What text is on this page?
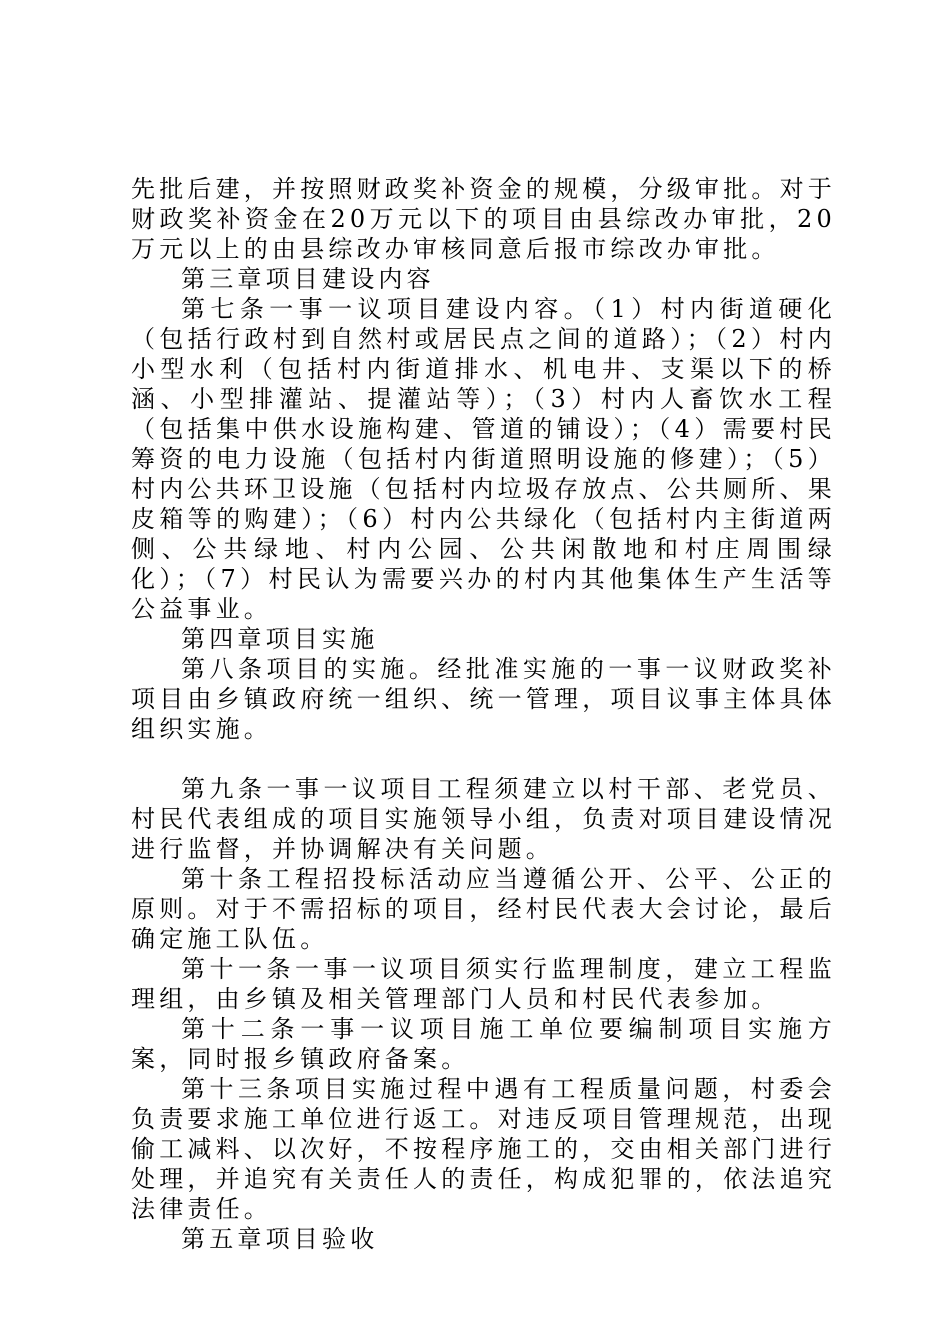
先批后建，并按照财政奖补资金的规模，分级审批。对于财政奖补资金在20万元以下的项目由县综改办审批，20万元以上的由县综改办审核同意后报市综改办审批。

第三章项目建设内容

第七条一事一议项目建设内容。（1）村内街道硬化（包括行政村到自然村或居民点之间的道路）；（2）村内小型水利（包括村内街道排水、机电井、支渠以下的桥涵、小型排灌站、提灌站等）；（3）村内人畜饮水工程（包括集中供水设施构建、管道的铺设）；（4）需要村民筹资的电力设施（包括村内街道照明设施的修建）；（5）村内公共环卫设施（包括村内垃圾存放点、公共厕所、果皮箱等的购建）；（6）村内公共绿化（包括村内主街道两侧、公共绿地、村内公园、公共闲散地和村庄周围绿化）；（7）村民认为需要兴办的村内其他集体生产生活等公益事业。

第四章项目实施

第八条项目的实施。经批准实施的一事一议财政奖补项目由乡镇政府统一组织、统一管理，项目议事主体具体组织实施。

第九条一事一议项目工程须建立以村干部、老党员、村民代表组成的项目实施领导小组，负责对项目建设情况进行监督，并协调解决有关问题。

第十条工程招投标活动应当遵循公开、公平、公正的原则。对于不需招标的项目，经村民代表大会讨论，最后确定施工队伍。

第十一条一事一议项目须实行监理制度，建立工程监理组，由乡镇及相关管理部门人员和村民代表参加。

第十二条一事一议项目施工单位要编制项目实施方案，同时报乡镇政府备案。

第十三条项目实施过程中遇有工程质量问题，村委会负责要求施工单位进行返工。对违反项目管理规范，出现偷工减料、以次好，不按程序施工的，交由相关部门进行处理，并追究有关责任人的责任，构成犯罪的，依法追究法律责任。

第五章项目验收
